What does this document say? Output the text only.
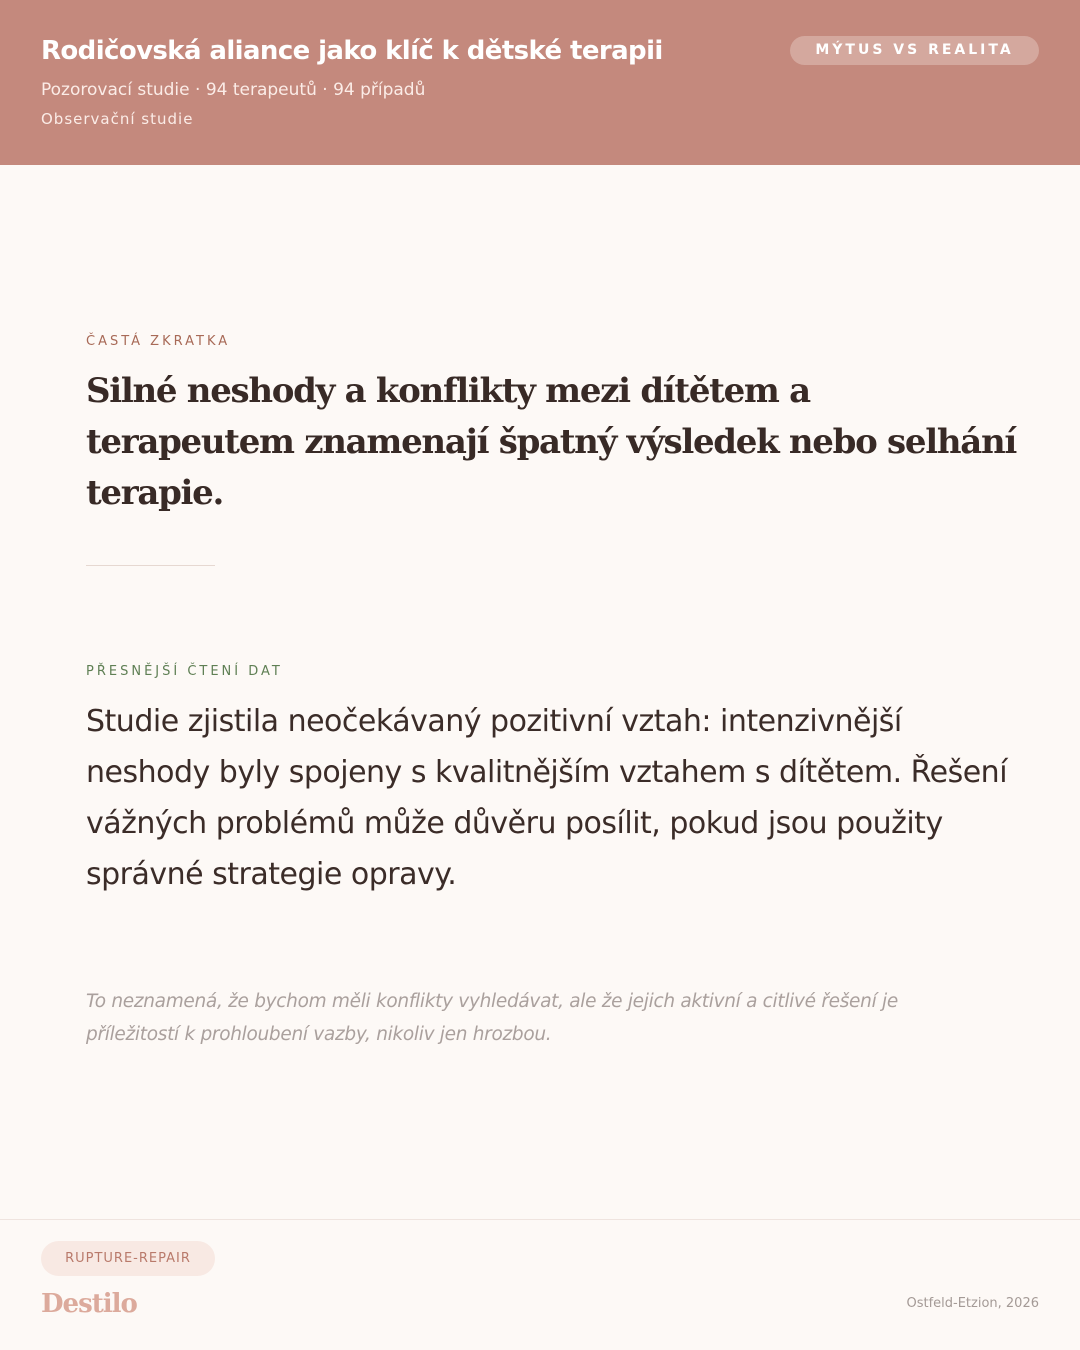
Rodičovská aliance jako klíč k dětské terapii
Pozorovací studie · 94 terapeutů · 94 případů
Observační studie
MÝTUS VS REALITA
ČASTÁ ZKRATKA

Silné neshody a konflikty mezi dítětem a terapeutem znamenají špatný výsledek nebo selhání terapie.

PŘESNĚJŠÍ ČTENÍ DAT

Studie zjistila neočekávaný pozitivní vztah: intenzivnější neshody byly spojeny s kvalitnějším vztahem s dítětem. Řešení vážných problémů může důvěru posílit, pokud jsou použity správné strategie opravy.

To neznamená, že bychom měli konflikty vyhledávat, ale že jejich aktivní a citlivé řešení je příležitostí k prohloubení vazby, nikoliv jen hrozbou.

RUPTURE-REPAIR
Destilo	Ostfeld-Etzion, 2026
